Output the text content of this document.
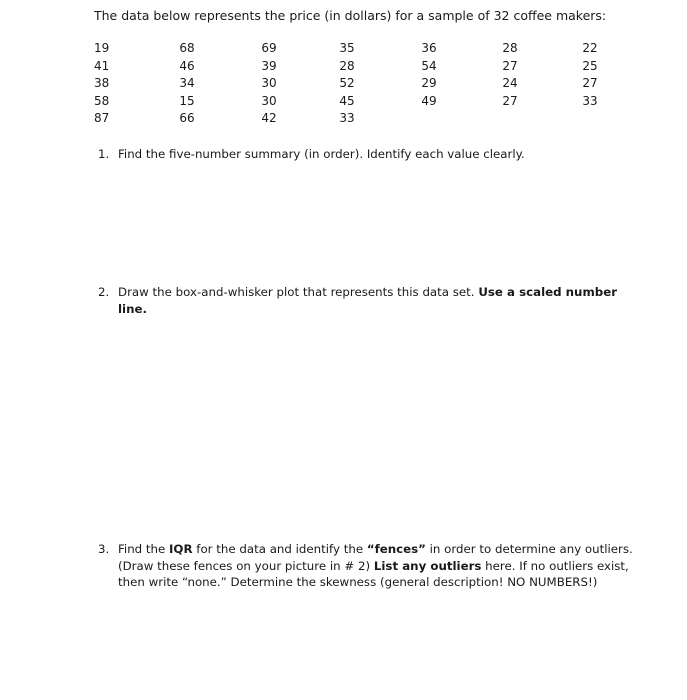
The data below represents the price (in dollars) for a sample of 32 coffee makers:
19
41
38
58
87
68
46
34
15
66
69
39
30
30
42
35
28
52
45
33
36
54
29
49
28
27
24
27
22
25
27
33
1. Find the five-number summary (in order). Identify each value clearly.
2. Draw the box-and-whisker plot that represents this data set. Use a scaled number line.
3. Find the IQR for the data and identify the “fences” in order to determine any outliers. (Draw these fences on your picture in # 2) List any outliers here. If no outliers exist, then write “none.” Determine the skewness (general description! NO NUMBERS!)
